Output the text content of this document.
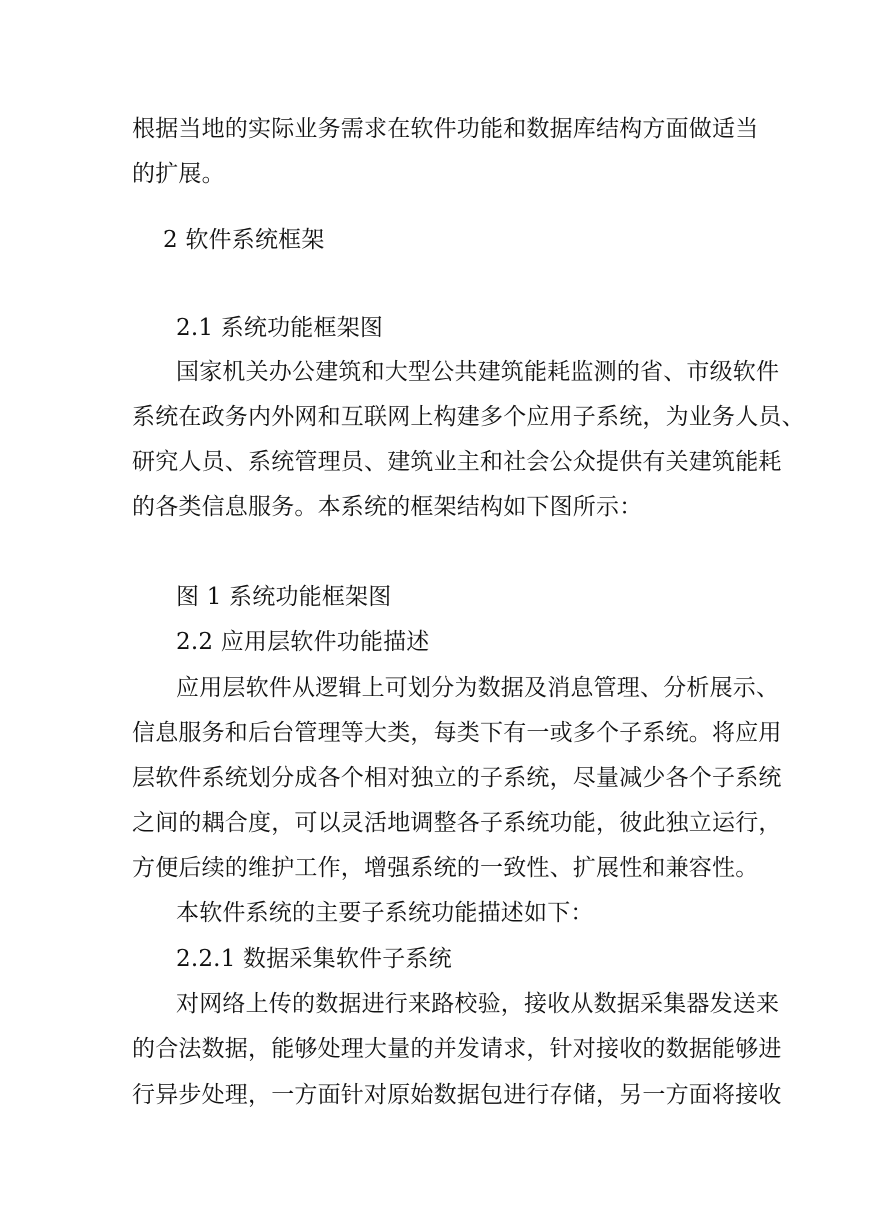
根据当地的实际业务需求在软件功能和数据库结构方面做适当
的扩展。
2 软件系统框架
2.1 系统功能框架图
国家机关办公建筑和大型公共建筑能耗监测的省、市级软件
系统在政务内外网和互联网上构建多个应用子系统，为业务人员、
研究人员、系统管理员、建筑业主和社会公众提供有关建筑能耗
的各类信息服务。本系统的框架结构如下图所示：
图 1 系统功能框架图
2.2 应用层软件功能描述
应用层软件从逻辑上可划分为数据及消息管理、分析展示、
信息服务和后台管理等大类，每类下有一或多个子系统。将应用
层软件系统划分成各个相对独立的子系统，尽量减少各个子系统
之间的耦合度，可以灵活地调整各子系统功能，彼此独立运行，
方便后续的维护工作，增强系统的一致性、扩展性和兼容性。
本软件系统的主要子系统功能描述如下：
2.2.1 数据采集软件子系统
对网络上传的数据进行来路校验，接收从数据采集器发送来
的合法数据，能够处理大量的并发请求，针对接收的数据能够进
行异步处理，一方面针对原始数据包进行存储，另一方面将接收
